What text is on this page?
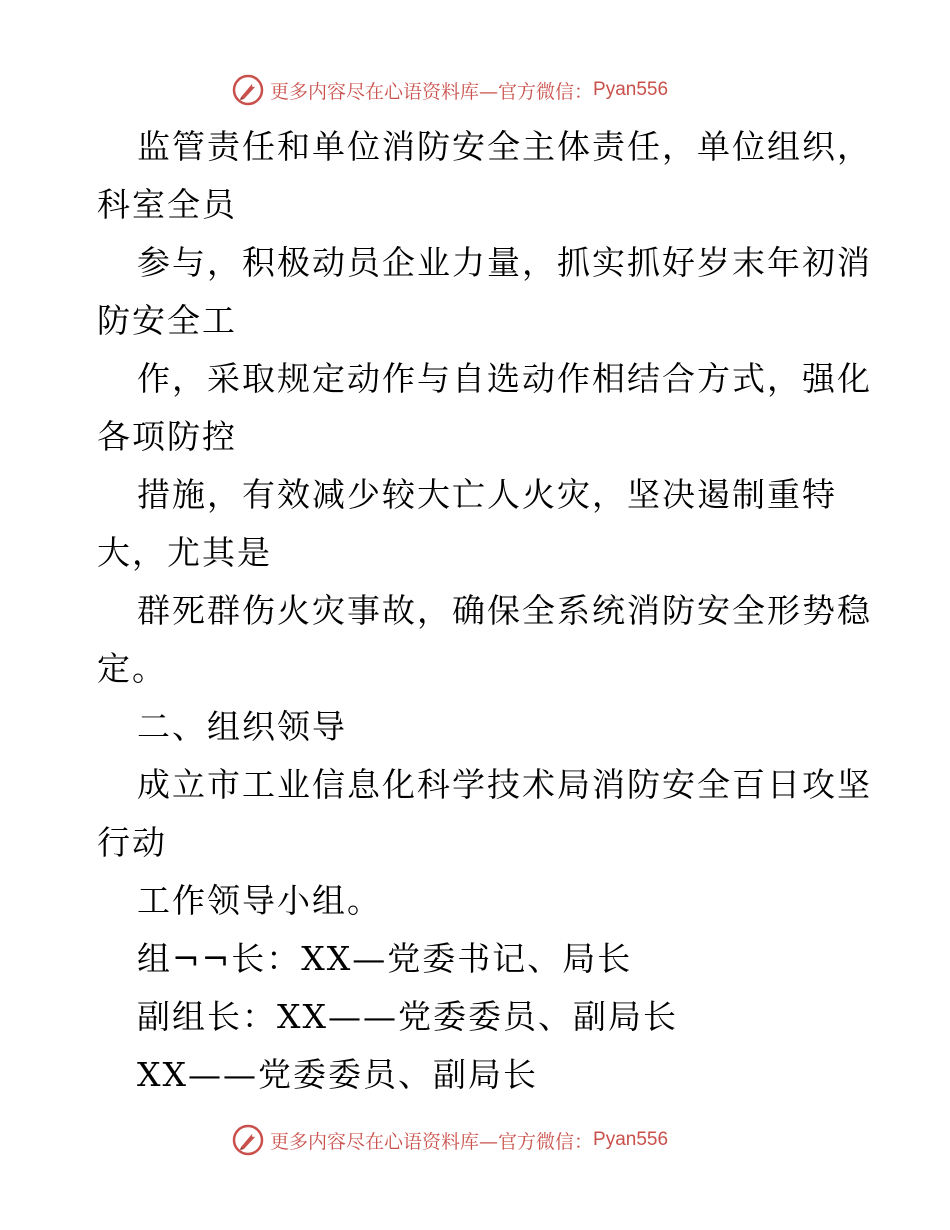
更多内容尽在心语资料库—官方微信： Pyan556
监管责任和单位消防安全主体责任，单位组织，
科室全员
参与，积极动员企业力量，抓实抓好岁末年初消
防安全工
作，采取规定动作与自选动作相结合方式，强化
各项防控
措施，有效减少较大亡人火灾，坚决遏制重特
大，尤其是
群死群伤火灾事故，确保全系统消防安全形势稳
定。
二、组织领导
成立市工业信息化科学技术局消防安全百日攻坚
行动
工作领导小组。
组¬¬长：XX—党委书记、局长
副组长：XX——党委委员、副局长
XX——党委委员、副局长
更多内容尽在心语资料库—官方微信： Pyan556
